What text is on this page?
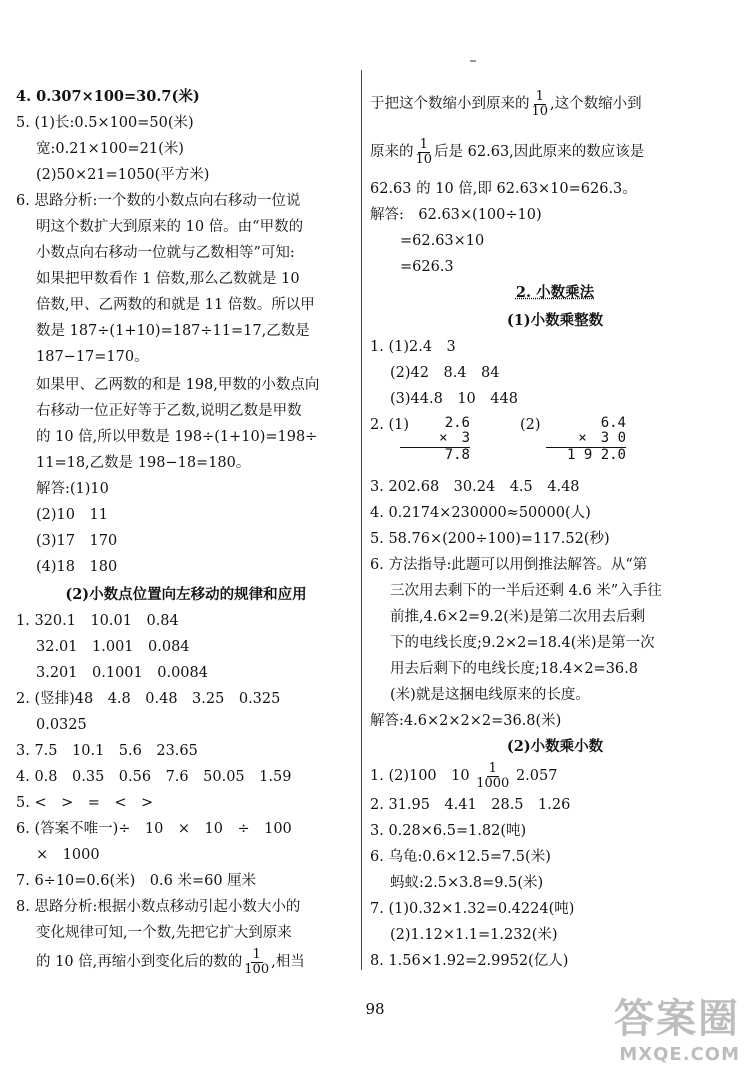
4. 0.307×100=30.7(米)
5. (1)长:0.5×100=50(米)
宽:0.21×100=21(米)
(2)50×21=1050(平方米)
6. 思路分析:一个数的小数点向右移动一位说
明这个数扩大到原来的 10 倍。由“甲数的
小数点向右移动一位就与乙数相等”可知:
如果把甲数看作 1 倍数,那么乙数就是 10
倍数,甲、乙两数的和就是 11 倍数。所以甲
数是 187÷(1+10)=187÷11=17,乙数是
187−17=170。
如果甲、乙两数的和是 198,甲数的小数点向
右移动一位正好等于乙数,说明乙数是甲数
的 10 倍,所以甲数是 198÷(1+10)=198÷
11=18,乙数是 198−18=180。
解答:(1)10
(2)10　11
(3)17　170
(4)18　180
(2)小数点位置向左移动的规律和应用
1. 320.1　10.01　0.84
32.01　1.001　0.084
3.201　0.1001　0.0084
2. (竖排)48　4.8　0.48　3.25　0.325
0.0325
3. 7.5　10.1　5.6　23.65
4. 0.8　0.35　0.56　7.6　50.05　1.59
5. <　>　=　<　>
6. (答案不唯一)÷　10　×　10　÷　100
×　1000
7. 6÷10=0.6(米)　0.6 米=60 厘米
8. 思路分析:根据小数点移动引起小数大小的
变化规律可知,一个数,先把它扩大到原来
的 10 倍,再缩小到变化后的数的 $\frac{1}{100}$ ,相当
于把这个数缩小到原来的 $\frac{1}{10}$ ,这个数缩小到
原来的 $\frac{1}{10}$ 后是 62.63,因此原来的数应该是
62.63 的 10 倍,即 62.63×10=626.3。
解答:　62.63×(100÷10)
=62.63×10
=626.3
2. 小数乘法
(1)小数乘整数
1. (1)2.4　3
(2)42　8.4　84
(3)44.8　10　448
2. (1)	(2)
2.6
×　3
7.8
6.4
×　3 0
1 9 2.0
3. 202.68　30.24　4.5　4.48
4. 0.2174×230000≈50000(人)
5. 58.76×(200÷100)=117.52(秒)
6. 方法指导:此题可以用倒推法解答。从“第
三次用去剩下的一半后还剩 4.6 米”入手往
前推,4.6×2=9.2(米)是第二次用去后剩
下的电线长度;9.2×2=18.4(米)是第一次
用去后剩下的电线长度;18.4×2=36.8
(米)就是这捆电线原来的长度。
解答:4.6×2×2×2=36.8(米)
(2)小数乘小数
1. (2)100　$10 \frac{1}{1000} 2.057$
2. 31.95　4.41　28.5　1.26
3. 0.28×6.5=1.82(吨)
6. 乌龟:0.6×12.5=7.5(米)
蚂蚁:2.5×3.8=9.5(米)
7. (1)0.32×1.32=0.4224(吨)
(2)1.12×1.1=1.232(米)
8. 1.56×1.92=2.9952(亿人)
98	答案圈
MXQE.COM
